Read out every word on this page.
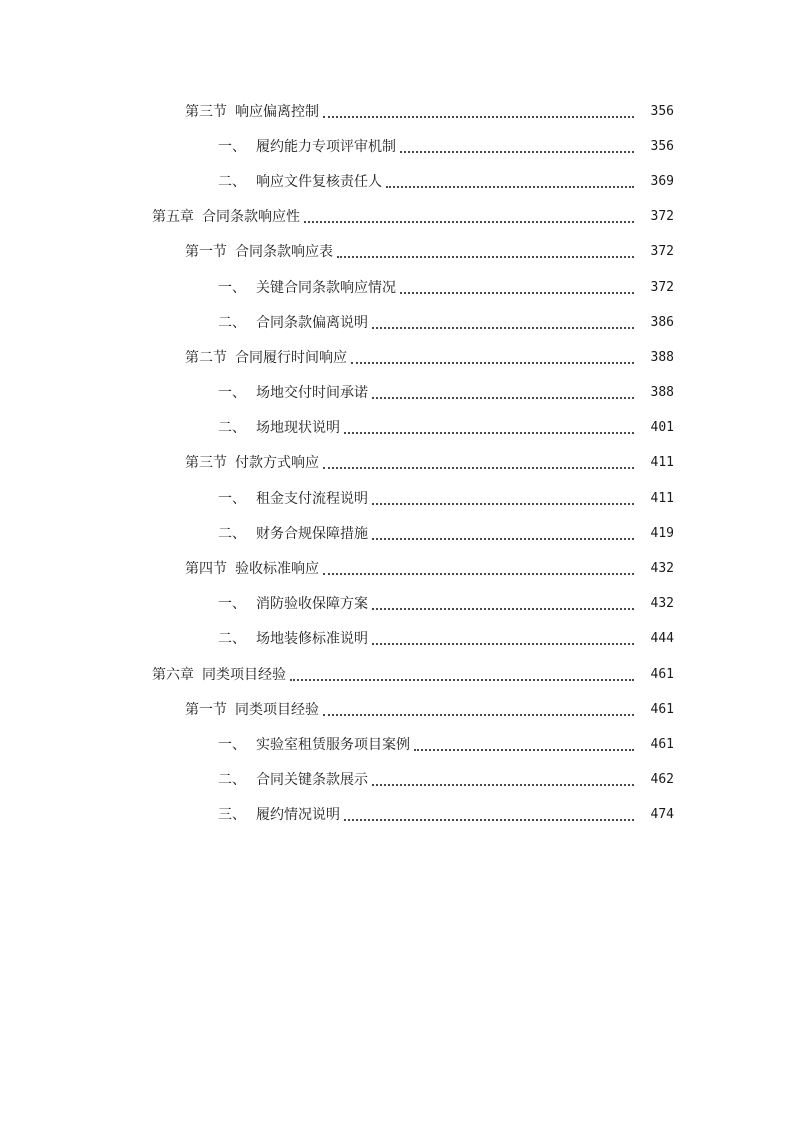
第三节 响应偏离控制	356
一、 履约能力专项评审机制	356
二、 响应文件复核责任人	369
第五章 合同条款响应性	372
第一节 合同条款响应表	372
一、 关键合同条款响应情况	372
二、 合同条款偏离说明	386
第二节 合同履行时间响应	388
一、 场地交付时间承诺	388
二、 场地现状说明	401
第三节 付款方式响应	411
一、 租金支付流程说明	411
二、 财务合规保障措施	419
第四节 验收标准响应	432
一、 消防验收保障方案	432
二、 场地装修标准说明	444
第六章 同类项目经验	461
第一节 同类项目经验	461
一、 实验室租赁服务项目案例	461
二、 合同关键条款展示	462
三、 履约情况说明	474
